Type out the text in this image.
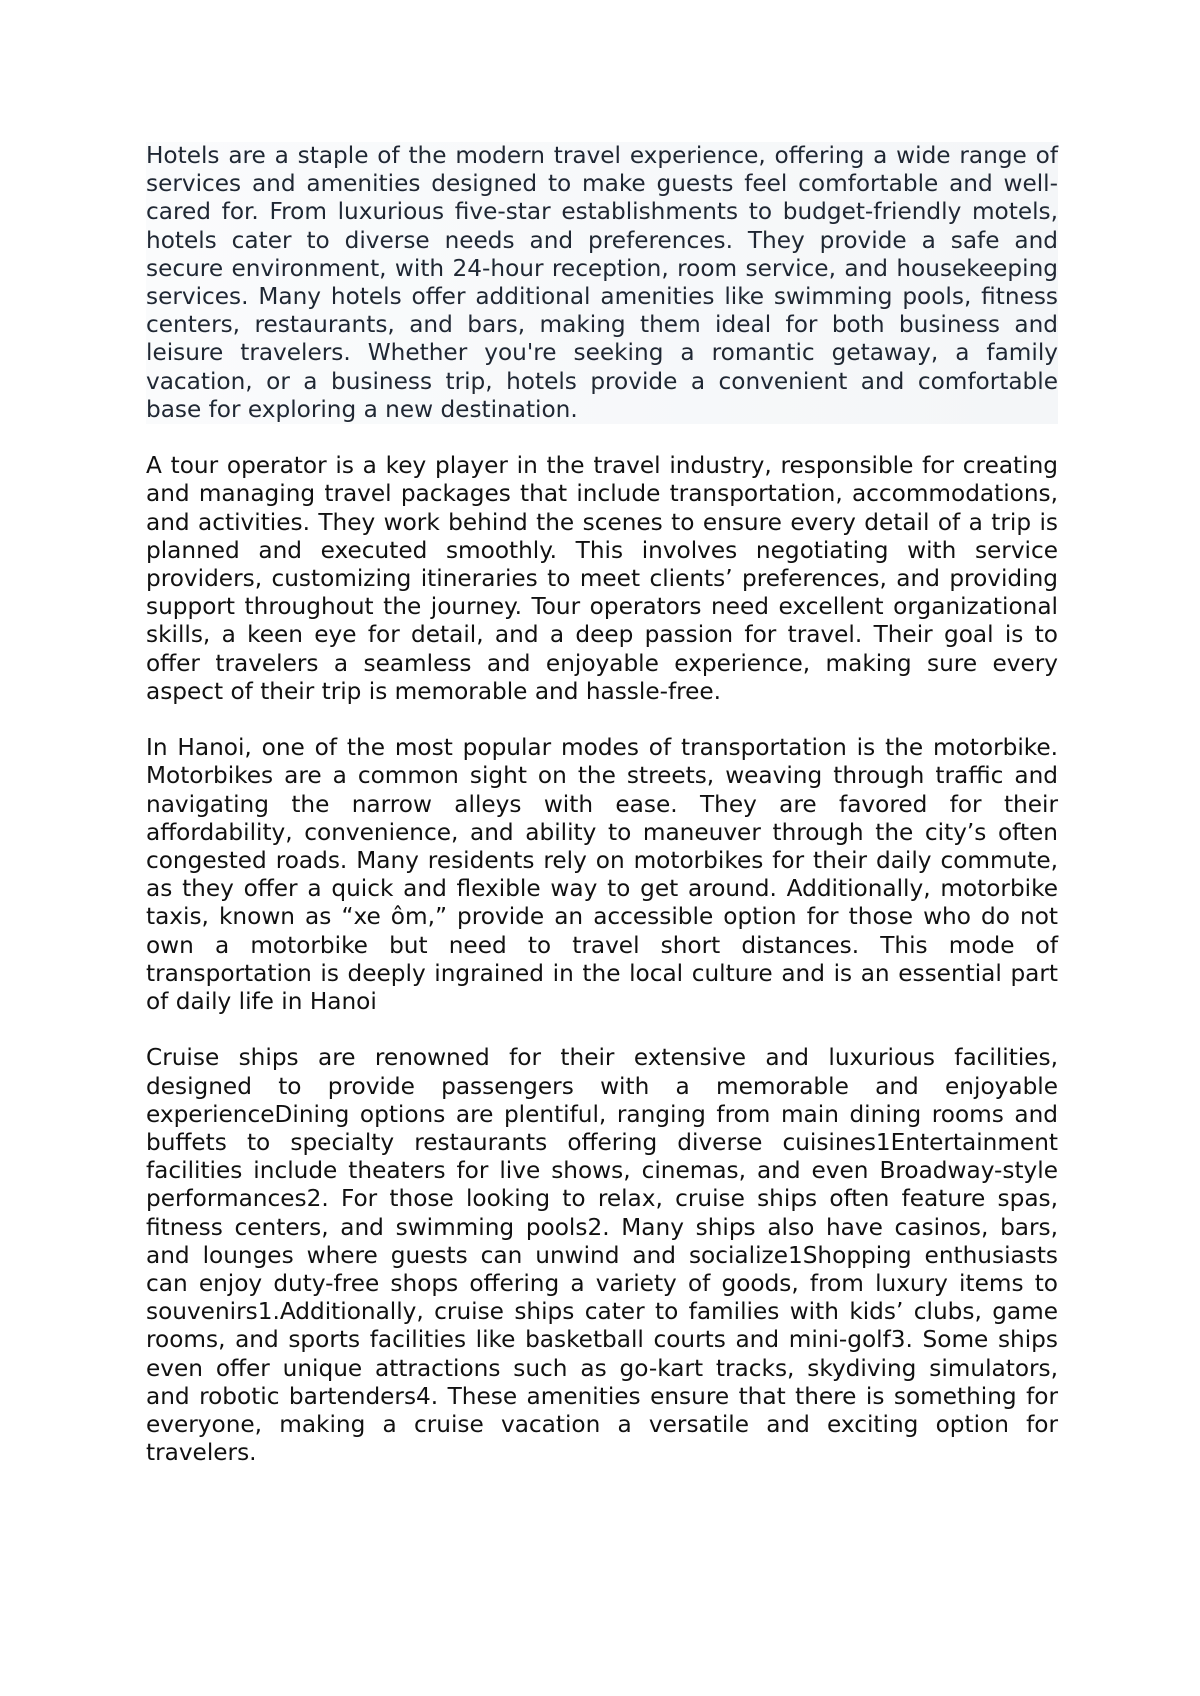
Hotels are a staple of the modern travel experience, offering a wide range of services and amenities designed to make guests feel comfortable and well-cared for. From luxurious five-star establishments to budget-friendly motels, hotels cater to diverse needs and preferences. They provide a safe and secure environment, with 24-hour reception, room service, and housekeeping services. Many hotels offer additional amenities like swimming pools, fitness centers, restaurants, and bars, making them ideal for both business and leisure travelers. Whether you're seeking a romantic getaway, a family vacation, or a business trip, hotels provide a convenient and comfortable base for exploring a new destination.

A tour operator is a key player in the travel industry, responsible for creating and managing travel packages that include transportation, accommodations, and activities. They work behind the scenes to ensure every detail of a trip is planned and executed smoothly. This involves negotiating with service providers, customizing itineraries to meet clients’ preferences, and providing support throughout the journey. Tour operators need excellent organizational skills, a keen eye for detail, and a deep passion for travel. Their goal is to offer travelers a seamless and enjoyable experience, making sure every aspect of their trip is memorable and hassle-free.

In Hanoi, one of the most popular modes of transportation is the motorbike. Motorbikes are a common sight on the streets, weaving through traffic and navigating the narrow alleys with ease. They are favored for their affordability, convenience, and ability to maneuver through the city’s often congested roads. Many residents rely on motorbikes for their daily commute, as they offer a quick and flexible way to get around. Additionally, motorbike taxis, known as “xe ôm,” provide an accessible option for those who do not own a motorbike but need to travel short distances. This mode of transportation is deeply ingrained in the local culture and is an essential part of daily life in Hanoi

Cruise ships are renowned for their extensive and luxurious facilities, designed to provide passengers with a memorable and enjoyable experienceDining options are plentiful, ranging from main dining rooms and buffets to specialty restaurants offering diverse cuisines1Entertainment facilities include theaters for live shows, cinemas, and even Broadway-style performances2. For those looking to relax, cruise ships often feature spas, fitness centers, and swimming pools2. Many ships also have casinos, bars, and lounges where guests can unwind and socialize1Shopping enthusiasts can enjoy duty-free shops offering a variety of goods, from luxury items to souvenirs1.Additionally, cruise ships cater to families with kids’ clubs, game rooms, and sports facilities like basketball courts and mini-golf3. Some ships even offer unique attractions such as go-kart tracks, skydiving simulators, and robotic bartenders4. These amenities ensure that there is something for everyone, making a cruise vacation a versatile and exciting option for travelers.
